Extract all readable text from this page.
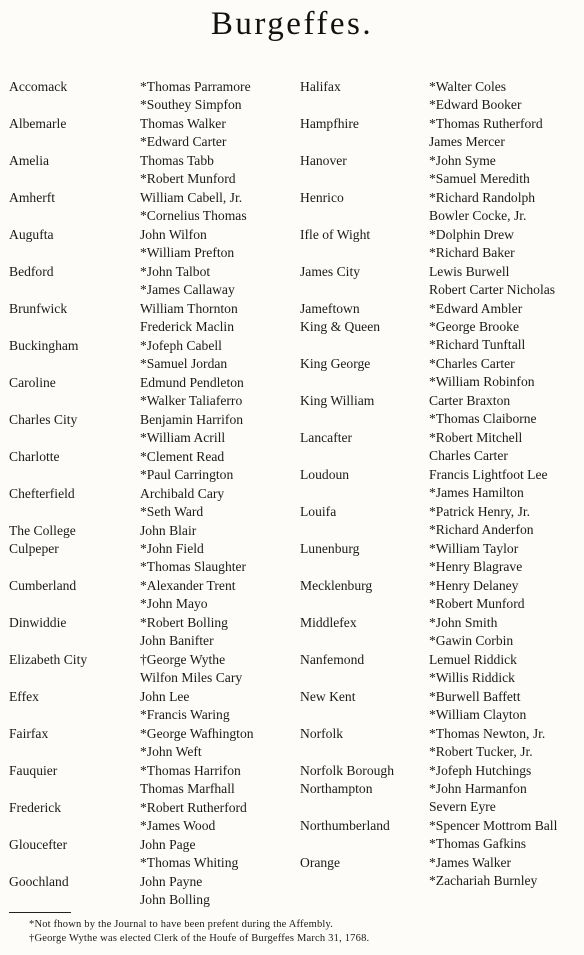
Burgeffes.
Accomack	*Thomas Parramore
*Southey Simpfon
Albemarle	Thomas Walker
*Edward Carter
Amelia	Thomas Tabb
*Robert Munford
Amherft	William Cabell, Jr.
*Cornelius Thomas
Augufta	John Wilfon
*William Prefton
Bedford	*John Talbot
*James Callaway
Brunfwick	William Thornton
Frederick Maclin
Buckingham	*Jofeph Cabell
*Samuel Jordan
Caroline	Edmund Pendleton
*Walker Taliaferro
Charles City	Benjamin Harrifon
*William Acrill
Charlotte	*Clement Read
*Paul Carrington
Chefterfield	Archibald Cary
*Seth Ward
The College	John Blair
Culpeper	*John Field
*Thomas Slaughter
Cumberland	*Alexander Trent
*John Mayo
Dinwiddie	*Robert Bolling
John Banifter
Elizabeth City	†George Wythe
Wilfon Miles Cary
Effex	John Lee
*Francis Waring
Fairfax	*George Wafhington
*John Weft
Fauquier	*Thomas Harrifon
Thomas Marfhall
Frederick	*Robert Rutherford
*James Wood
Gloucefter	John Page
*Thomas Whiting
Goochland	John Payne
John Bolling
Halifax	*Walter Coles
*Edward Booker
Hampfhire	*Thomas Rutherford
James Mercer
Hanover	*John Syme
*Samuel Meredith
Henrico	*Richard Randolph
Bowler Cocke, Jr.
Ifle of Wight	*Dolphin Drew
*Richard Baker
James City	Lewis Burwell
Robert Carter Nicholas
Jameftown	*Edward Ambler
King & Queen	*George Brooke
*Richard Tunftall
King George	*Charles Carter
*William Robinfon
King William	Carter Braxton
*Thomas Claiborne
Lancafter	*Robert Mitchell
Charles Carter
Loudoun	Francis Lightfoot Lee
*James Hamilton
Louifa	*Patrick Henry, Jr.
*Richard Anderfon
Lunenburg	*William Taylor
*Henry Blagrave
Mecklenburg	*Henry Delaney
*Robert Munford
Middlefex	*John Smith
*Gawin Corbin
Nanfemond	Lemuel Riddick
*Willis Riddick
New Kent	*Burwell Baffett
*William Clayton
Norfolk	*Thomas Newton, Jr.
*Robert Tucker, Jr.
Norfolk Borough	*Jofeph Hutchings
Northampton	*John Harmanfon
Severn Eyre
Northumberland	*Spencer Mottrom Ball
*Thomas Gafkins
Orange	*James Walker
*Zachariah Burnley
*Not fhown by the Journal to have been prefent during the Affembly.
†George Wythe was elected Clerk of the Houfe of Burgeffes March 31, 1768.
